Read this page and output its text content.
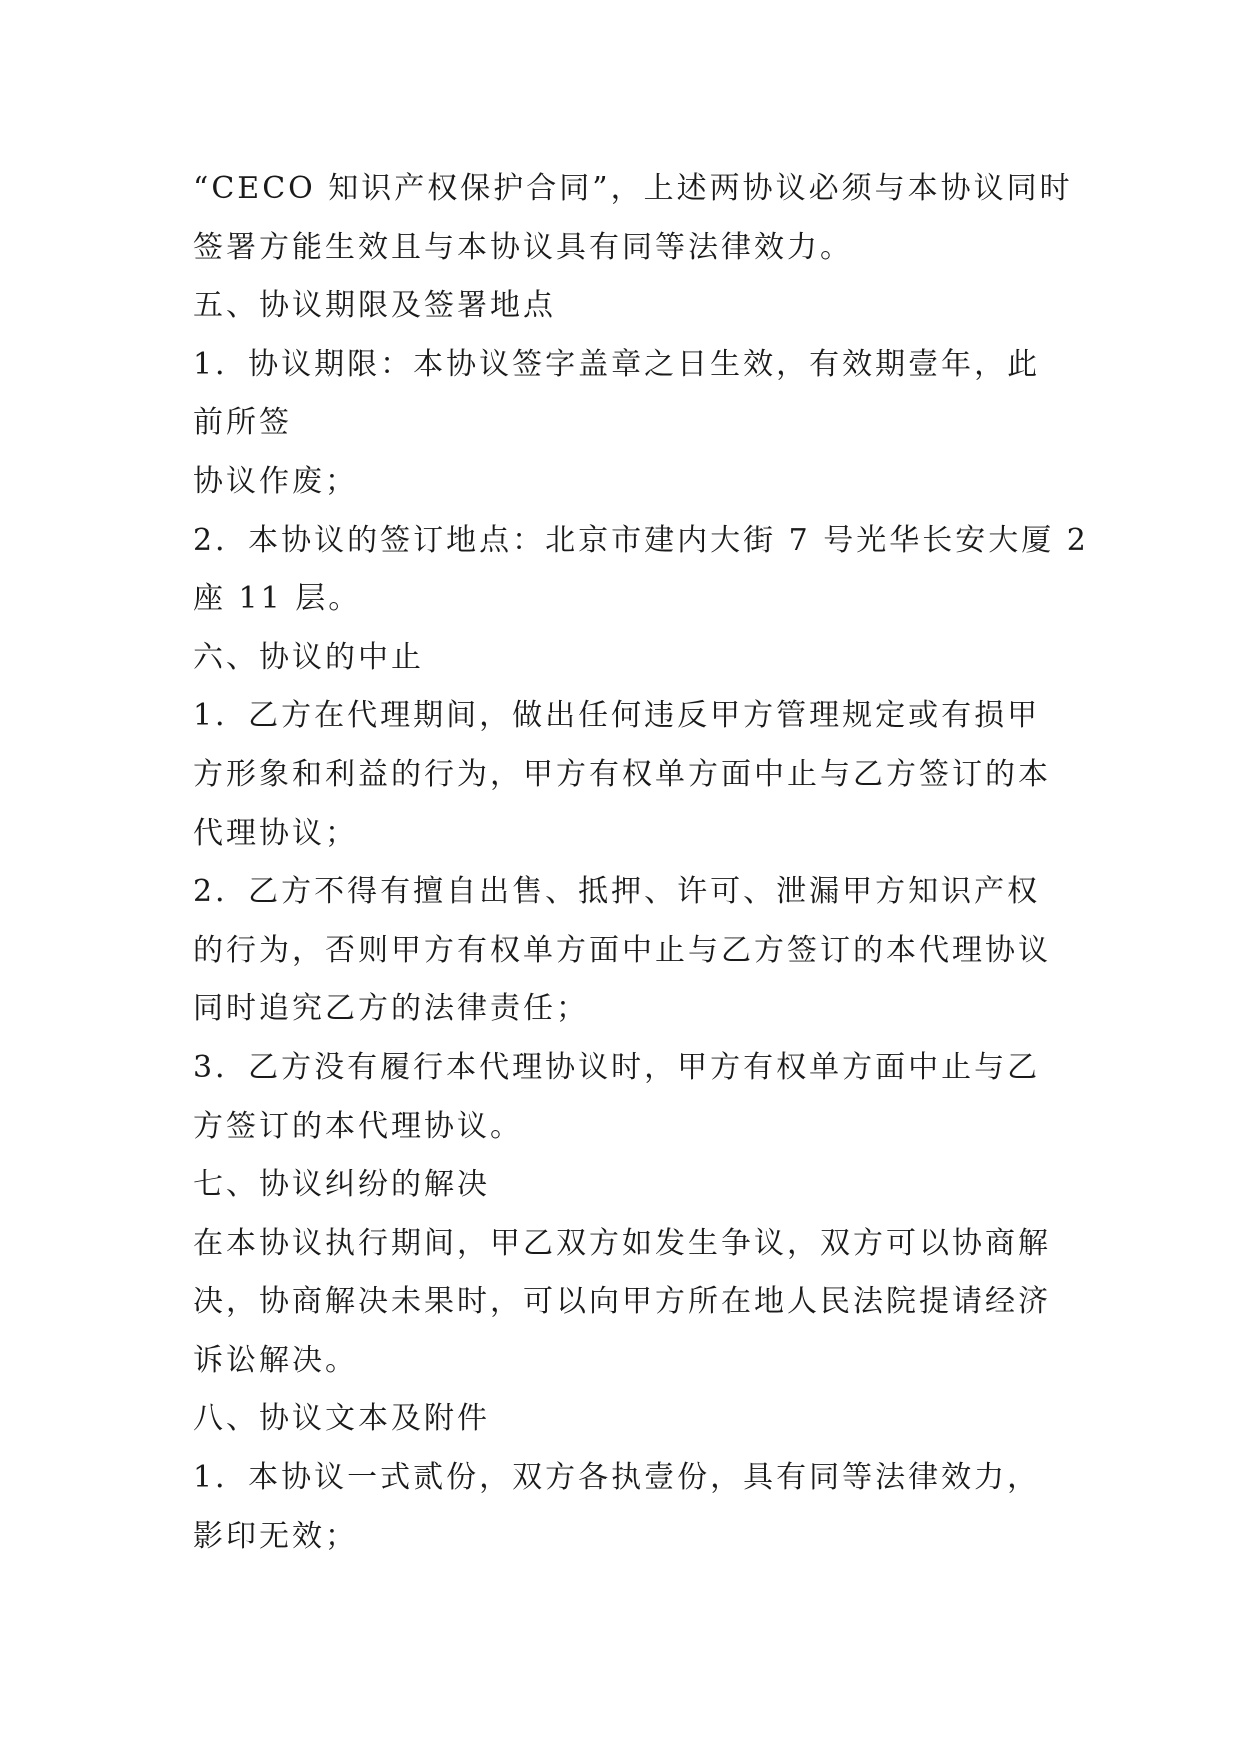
“CECO 知识产权保护合同”，上述两协议必须与本协议同时
签署方能生效且与本协议具有同等法律效力。
五、协议期限及签署地点
1．协议期限：本协议签字盖章之日生效，有效期壹年，此
前所签
协议作废；
2．本协议的签订地点：北京市建内大街 7 号光华长安大厦 2
座 11 层。
六、协议的中止
1．乙方在代理期间，做出任何违反甲方管理规定或有损甲
方形象和利益的行为，甲方有权单方面中止与乙方签订的本
代理协议；
2．乙方不得有擅自出售、抵押、许可、泄漏甲方知识产权
的行为，否则甲方有权单方面中止与乙方签订的本代理协议
同时追究乙方的法律责任；
3．乙方没有履行本代理协议时，甲方有权单方面中止与乙
方签订的本代理协议。
七、协议纠纷的解决
在本协议执行期间，甲乙双方如发生争议，双方可以协商解
决，协商解决未果时，可以向甲方所在地人民法院提请经济
诉讼解决。
八、协议文本及附件
1．本协议一式贰份，双方各执壹份，具有同等法律效力，
影印无效；
